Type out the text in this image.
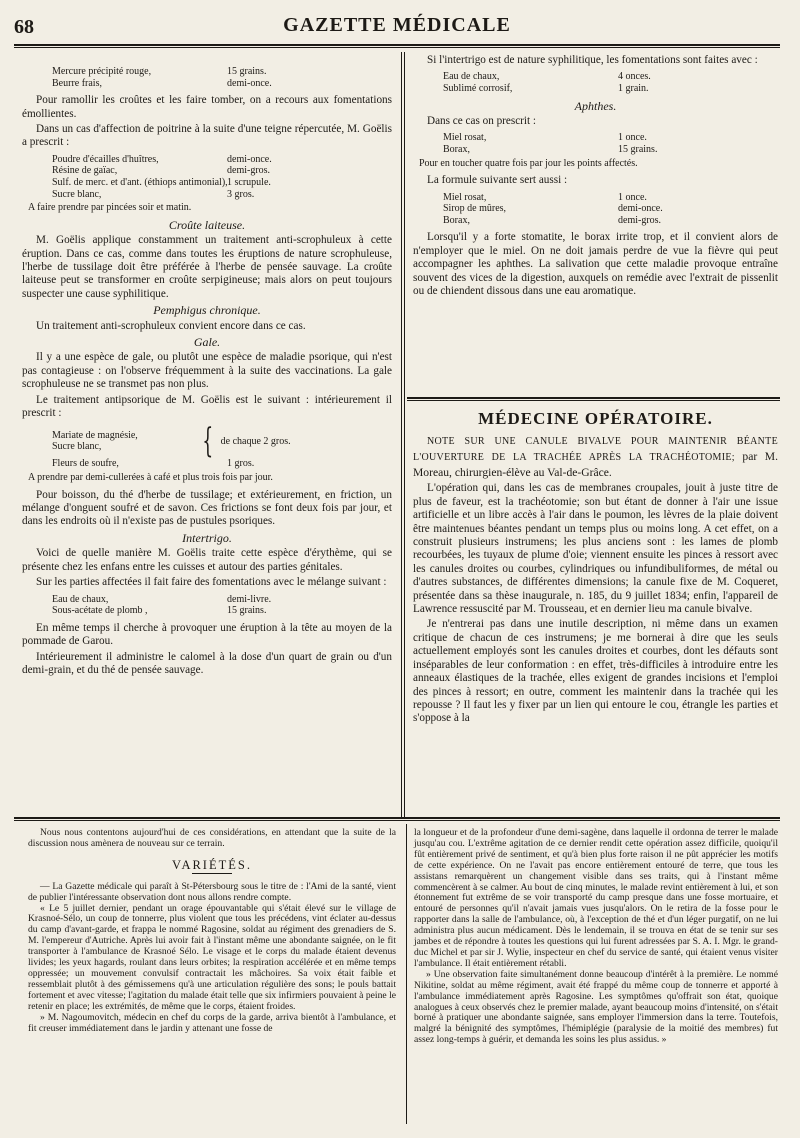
68	GAZETTE MÉDICALE
Mercure précipité rouge,	15 grains.
Beurre frais,	demi-once.

Pour ramollir les croûtes et les faire tomber, on a recours aux fomentations émollientes.

Dans un cas d'affection de poitrine à la suite d'une teigne répercutée, M. Goëlis a prescrit :

Poudre d'écailles d'huîtres,	demi-once.
Résine de gaïac,	demi-gros.
Sulf. de merc. et d'ant. (éthiops antimonial), 1 scrupule.
Sucre blanc,	3 gros.
A faire prendre par pincées soir et matin.
Croûte laiteuse.

M. Goëlis applique constamment un traitement anti-scrophuleux à cette éruption. Dans ce cas, comme dans toutes les éruptions de nature scrophuleuse, l'herbe de tussilage doit être préférée à l'herbe de pensée sauvage. La croûte laiteuse peut se transformer en croûte serpigineuse; mais alors on peut toujours suspecter une cause syphilitique.

Pemphigus chronique.

Un traitement anti-scrophuleux convient encore dans ce cas.

Gale.

Il y a une espèce de gale, ou plutôt une espèce de maladie psorique, qui n'est pas contagieuse : on l'observe fréquemment à la suite des vaccinations. La gale scrophuleuse ne se transmet pas non plus.

Le traitement antipsorique de M. Goëlis est le suivant : intérieurement il prescrit :

Mariate de magnésie,
Sucre blanc,	{ de chaque 2 gros.
Fleurs de soufre,	1 gros.
A prendre par demi-cullerées à café et plus trois fois par jour.

Pour boisson, du thé d'herbe de tussilage; et extérieurement, en friction, un mélange d'onguent soufré et de savon. Ces frictions se font deux fois par jour, et dans les endroits où il n'existe pas de pustules psoriques.

Intertrigo.

Voici de quelle manière M. Goëlis traite cette espèce d'érythème, qui se présente chez les enfans entre les cuisses et autour des parties génitales.

Sur les parties affectées il fait faire des fomentations avec le mélange suivant :

Eau de chaux,	demi-livre.
Sous-acétate de plomb ,	15 grains.

En même temps il cherche à provoquer une éruption à la tête au moyen de la pommade de Garou.

Intérieurement il administre le calomel à la dose d'un quart de grain ou d'un demi-grain, et du thé de pensée sauvage.

Si l'intertrigo est de nature syphilitique, les fomentations sont faites avec :

Eau de chaux,	4 onces.
Sublimé corrosif,	1 grain.
Aphthes.

Dans ce cas on prescrit :

Miel rosat,	1 once.
Borax,	15 grains.
Pour en toucher quatre fois par jour les points affectés.

La formule suivante sert aussi :

Miel rosat,	1 once.
Sirop de mûres,	demi-once.
Borax,	demi-gros.

Lorsqu'il y a forte stomatite, le borax irrite trop, et il convient alors de n'employer que le miel. On ne doit jamais perdre de vue la fièvre qui peut accompagner les aphthes. La salivation que cette maladie provoque entraîne souvent des vices de la digestion, auxquels on remédie avec l'extrait de pissenlit ou de chiendent dissous dans une eau aromatique.

MÉDECINE OPÉRATOIRE.

NOTE SUR UNE CANULE BIVALVE POUR MAINTENIR BÉANTE L'OUVERTURE DE LA TRACHÉE APRÈS LA TRACHÉOTOMIE; par M. Moreau, chirurgien-élève au Val-de-Grâce.

L'opération qui, dans les cas de membranes croupales, jouit à juste titre de plus de faveur, est la trachéotomie; son but étant de donner à l'air une issue artificielle et un libre accès à l'air dans le poumon, les lèvres de la plaie doivent être maintenues béantes pendant un temps plus ou moins long. A cet effet, on a construit plusieurs instrumens; les plus anciens sont : les lames de plomb recourbées, les tuyaux de plume d'oie; viennent ensuite les pinces à ressort avec les canules droites ou courbes, cylindriques ou infundibuliformes, de métal ou d'autres substances, de différentes dimensions; la canule fixe de M. Coqueret, présentée dans sa thèse inaugurale, n. 185, du 9 juillet 1834; enfin, l'appareil de Lawrence ressuscité par M. Trousseau, et en dernier lieu ma canule bivalve.

Je n'entrerai pas dans une inutile description, ni même dans un examen critique de chacun de ces instrumens; je me bornerai à dire que les seuls actuellement employés sont les canules droites et courbes, dont les défauts sont inséparables de leur conformation : en effet, très-difficiles à introduire entre les anneaux élastiques de la trachée, elles exigent de grandes incisions et l'emploi des pinces à ressort; en outre, comment les maintenir dans la trachée qui les repousse ? Il faut les y fixer par un lien qui entoure le cou, étrangle les parties et s'oppose à la

Nous nous contentons aujourd'hui de ces considérations, en attendant que la suite de la discussion nous amènera de nouveau sur ce terrain.

VARIÉTÉS.

— La Gazette médicale qui paraît à St-Pétersbourg sous le titre de : l'Ami de la santé, vient de publier l'intéressante observation dont nous allons rendre compte.

« Le 5 juillet dernier, pendant un orage épouvantable qui s'était élevé sur le village de Krasnoé-Sélo, un coup de tonnerre, plus violent que tous les précédens, vint éclater au-dessus du camp d'avant-garde, et frappa le nommé Ragosine, soldat au régiment des grenadiers de S. M. l'empereur d'Autriche. Après lui avoir fait à l'instant même une abondante saignée, on le fit transporter à l'ambulance de Krasnoé Sélo. Le visage et le corps du malade étaient devenus livides; les yeux hagards, roulant dans leurs orbites; la respiration accélérée et en même temps oppressée; un mouvement convulsif contractait les mâchoires. Sa voix était faible et ressemblait plutôt à des gémissemens qu'à une articulation régulière des sons; le pouls battait fortement et avec vitesse; l'agitation du malade était telle que six infirmiers pouvaient à peine le retenir en place; les extrémités, de même que le corps, étaient froides.

» M. Nagoumovitch, médecin en chef du corps de la garde, arriva bientôt à l'ambulance, et fit creuser immédiatement dans le jardin y attenant une fosse de

la longueur et de la profondeur d'une demi-sagène, dans laquelle il ordonna de terrer le malade jusqu'au cou. L'extrême agitation de ce dernier rendit cette opération assez difficile, quoiqu'il fût entièrement privé de sentiment, et qu'à bien plus forte raison il ne pût apprécier les motifs de cette expérience. On ne l'avait pas encore entièrement entouré de terre, que tous les assistans remarquèrent un changement visible dans ses traits, qui à l'instant même commencèrent à se calmer. Au bout de cinq minutes, le malade revint entièrement à lui, et son étonnement fut extrême de se voir transporté du camp presque dans une fosse mortuaire, et entouré de personnes qu'il n'avait jamais vues jusqu'alors. On le retira de la fosse pour le rapporter dans la salle de l'ambulance, où, à l'exception de thé et d'un léger purgatif, on ne lui administra plus aucun médicament. Dès le lendemain, il se trouva en état de se tenir sur ses jambes et de répondre à toutes les questions qui lui furent adressées par S. A. I. Mgr. le grand-duc Michel et par sir J. Wylie, inspecteur en chef du service de santé, qui étaient venus visiter l'ambulance. Il était entièrement rétabli.

» Une observation faite simultanément donne beaucoup d'intérêt à la première. Le nommé Nikitine, soldat au même régiment, avait été frappé du même coup de tonnerre et apporté à l'ambulance immédiatement après Ragosine. Les symptômes qu'offrait son état, quoique analogues à ceux observés chez le premier malade, ayant beaucoup moins d'intensité, on s'était borné à pratiquer une abondante saignée, sans employer l'immersion dans la terre. Toutefois, malgré la bénignité des symptômes, l'hémiplégie (paralysie de la moitié des membres) fut assez long-temps à guérir, et demanda les soins les plus assidus. »
